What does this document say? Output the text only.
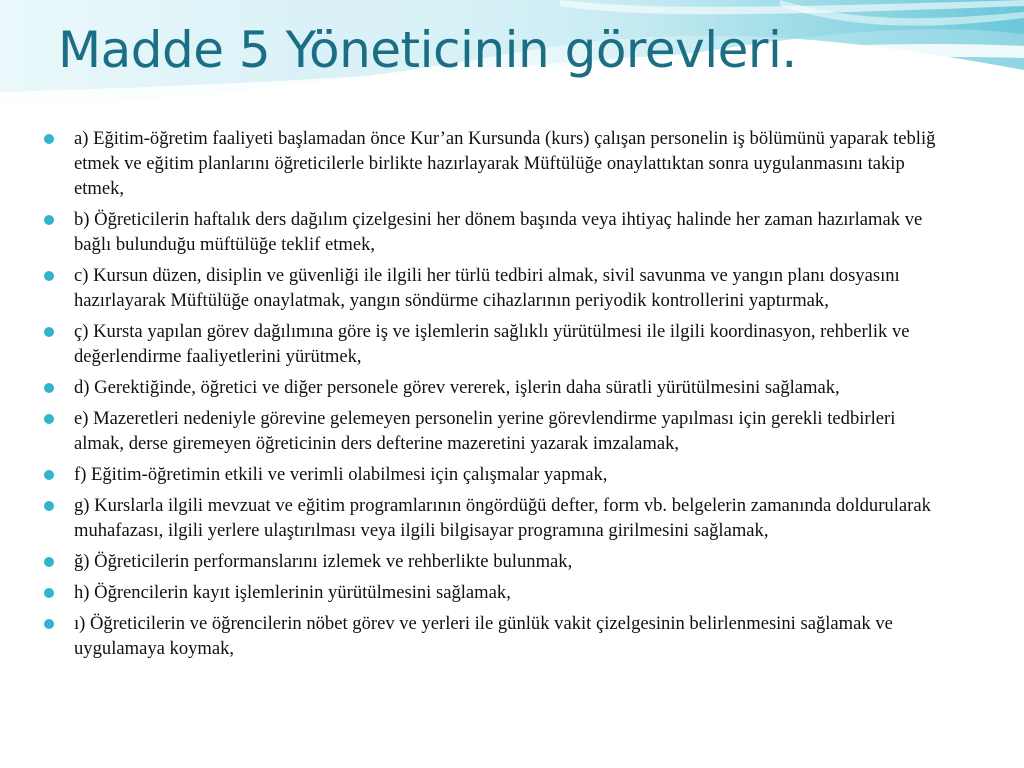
Madde 5 Yöneticinin görevleri.
a) Eğitim-öğretim faaliyeti başlamadan önce Kur’an Kursunda (kurs) çalışan personelin iş bölümünü yaparak tebliğ etmek ve eğitim planlarını öğreticilerle birlikte hazırlayarak Müftülüğe onaylattıktan sonra uygulanmasını takip etmek,
b) Öğreticilerin haftalık ders dağılım çizelgesini her dönem başında veya ihtiyaç halinde her zaman hazırlamak ve bağlı bulunduğu müftülüğe teklif etmek,
c) Kursun düzen, disiplin ve güvenliği ile ilgili her türlü tedbiri almak, sivil savunma ve yangın planı dosyasını hazırlayarak Müftülüğe onaylatmak, yangın söndürme cihazlarının periyodik kontrollerini yaptırmak,
ç) Kursta yapılan görev dağılımına göre iş ve işlemlerin sağlıklı yürütülmesi ile ilgili koordinasyon, rehberlik ve değerlendirme faaliyetlerini yürütmek,
d) Gerektiğinde, öğretici ve diğer personele görev vererek, işlerin daha süratli yürütülmesini sağlamak,
e) Mazeretleri nedeniyle görevine gelemeyen personelin yerine görevlendirme yapılması için gerekli tedbirleri almak, derse giremeyen öğreticinin ders defterine mazeretini yazarak imzalamak,
f) Eğitim-öğretimin etkili ve verimli olabilmesi için çalışmalar yapmak,
g) Kurslarla ilgili mevzuat ve eğitim programlarının öngördüğü defter, form vb. belgelerin zamanında doldurularak muhafazası, ilgili yerlere ulaştırılması veya ilgili bilgisayar programına girilmesini sağlamak,
ğ) Öğreticilerin performanslarını izlemek ve rehberlikte bulunmak,
h) Öğrencilerin kayıt işlemlerinin yürütülmesini sağlamak,
ı) Öğreticilerin ve öğrencilerin nöbet görev ve yerleri ile günlük vakit çizelgesinin belirlenmesini sağlamak ve uygulamaya koymak,
